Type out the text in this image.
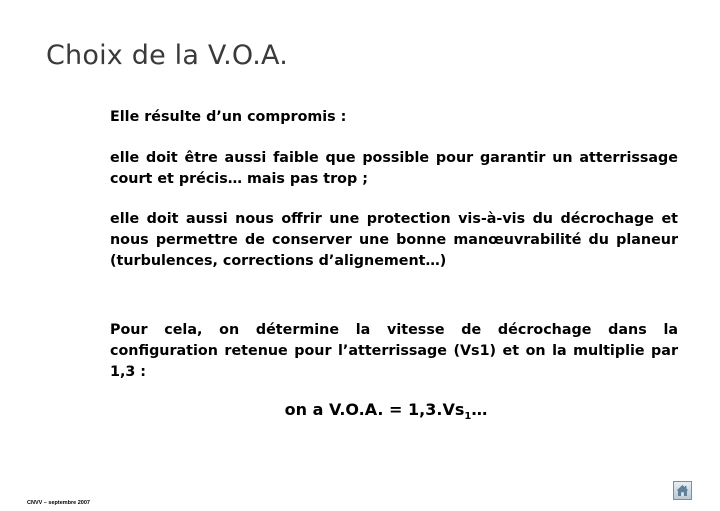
Choix de la V.O.A.
Elle résulte d’un compromis :
elle doit être aussi faible que possible pour garantir un atterrissage court et précis… mais pas trop ;
elle doit aussi nous offrir une protection vis-à-vis du décrochage et nous permettre de conserver une bonne manœuvrabilité du planeur (turbulences, corrections d’alignement…)
Pour cela, on détermine la vitesse de décrochage dans la configuration retenue pour l’atterrissage (Vs1) et on la multiplie par 1,3 :
on a V.O.A. = $1,3.Vs_1\dots$
CNVV – septembre 2007
